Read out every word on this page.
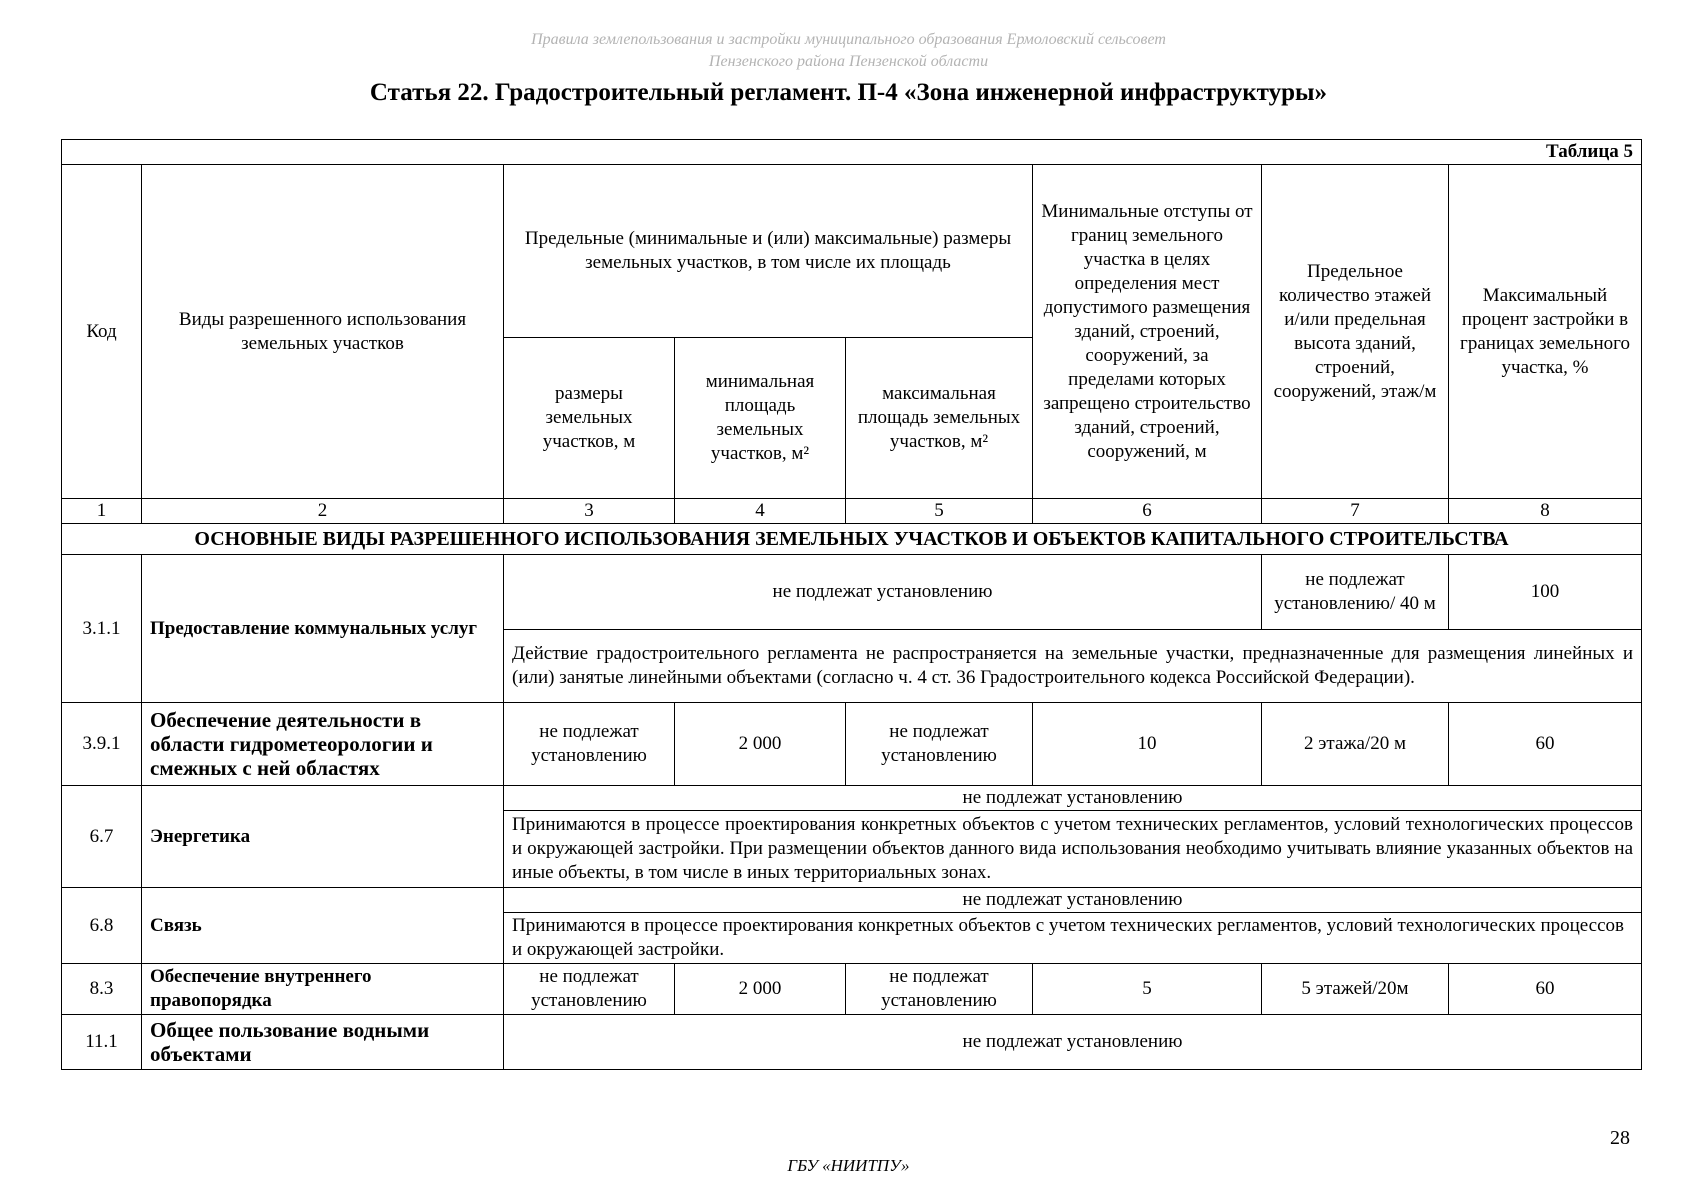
Правила землепользования и застройки муниципального образования Ермоловский сельсовет
Пензенского района Пензенской области
Статья 22. Градостроительный регламент. П-4 «Зона инженерной инфраструктуры»
Таблица 5							
Код	Виды разрешенного использования земельных участков	Предельные (минимальные и (или) максимальные) размеры земельных участков, в том числе их площадь			Минимальные отступы от границ земельного участка в целях определения мест допустимого размещения зданий, строений, сооружений, за пределами которых запрещено строительство зданий, строений, сооружений, м	Предельное количество этажей и/или предельная высота зданий, строений, сооружений, этаж/м	Максимальный процент застройки в границах земельного участка, %
		размеры земельных участков, м	минимальная площадь земельных участков, м²	максимальная площадь земельных участков, м²			
1	2	3	4	5	6	7	8
ОСНОВНЫЕ ВИДЫ РАЗРЕШЕННОГО ИСПОЛЬЗОВАНИЯ ЗЕМЕЛЬНЫХ УЧАСТКОВ И ОБЪЕКТОВ КАПИТАЛЬНОГО СТРОИТЕЛЬСТВА							
3.1.1	Предоставление коммунальных услуг	не подлежат установлению				не подлежат установлению/ 40 м	100
		Действие градостроительного регламента не распространяется на земельные участки, предназначенные для размещения линейных и (или) занятые линейными объектами (согласно ч. 4 ст. 36 Градостроительного кодекса Российской Федерации).					
3.9.1	Обеспечение деятельности в области гидрометеорологии и смежных с ней областях	не подлежат установлению	2 000	не подлежат установлению	10	2 этажа/20 м	60
6.7	Энергетика	не подлежат установлению					
		Принимаются в процессе проектирования конкретных объектов с учетом технических регламентов, условий технологических процессов и окружающей застройки. При размещении объектов данного вида использования необходимо учитывать влияние указанных объектов на иные объекты, в том числе в иных территориальных зонах.					
6.8	Связь	не подлежат установлению					
		Принимаются в процессе проектирования конкретных объектов с учетом технических регламентов, условий технологических процессов и окружающей застройки.					
8.3	Обеспечение внутреннего правопорядка	не подлежат установлению	2 000	не подлежат установлению	5	5 этажей/20м	60
11.1	Общее пользование водными объектами	не подлежат установлению					
28
ГБУ «НИИТПУ»
